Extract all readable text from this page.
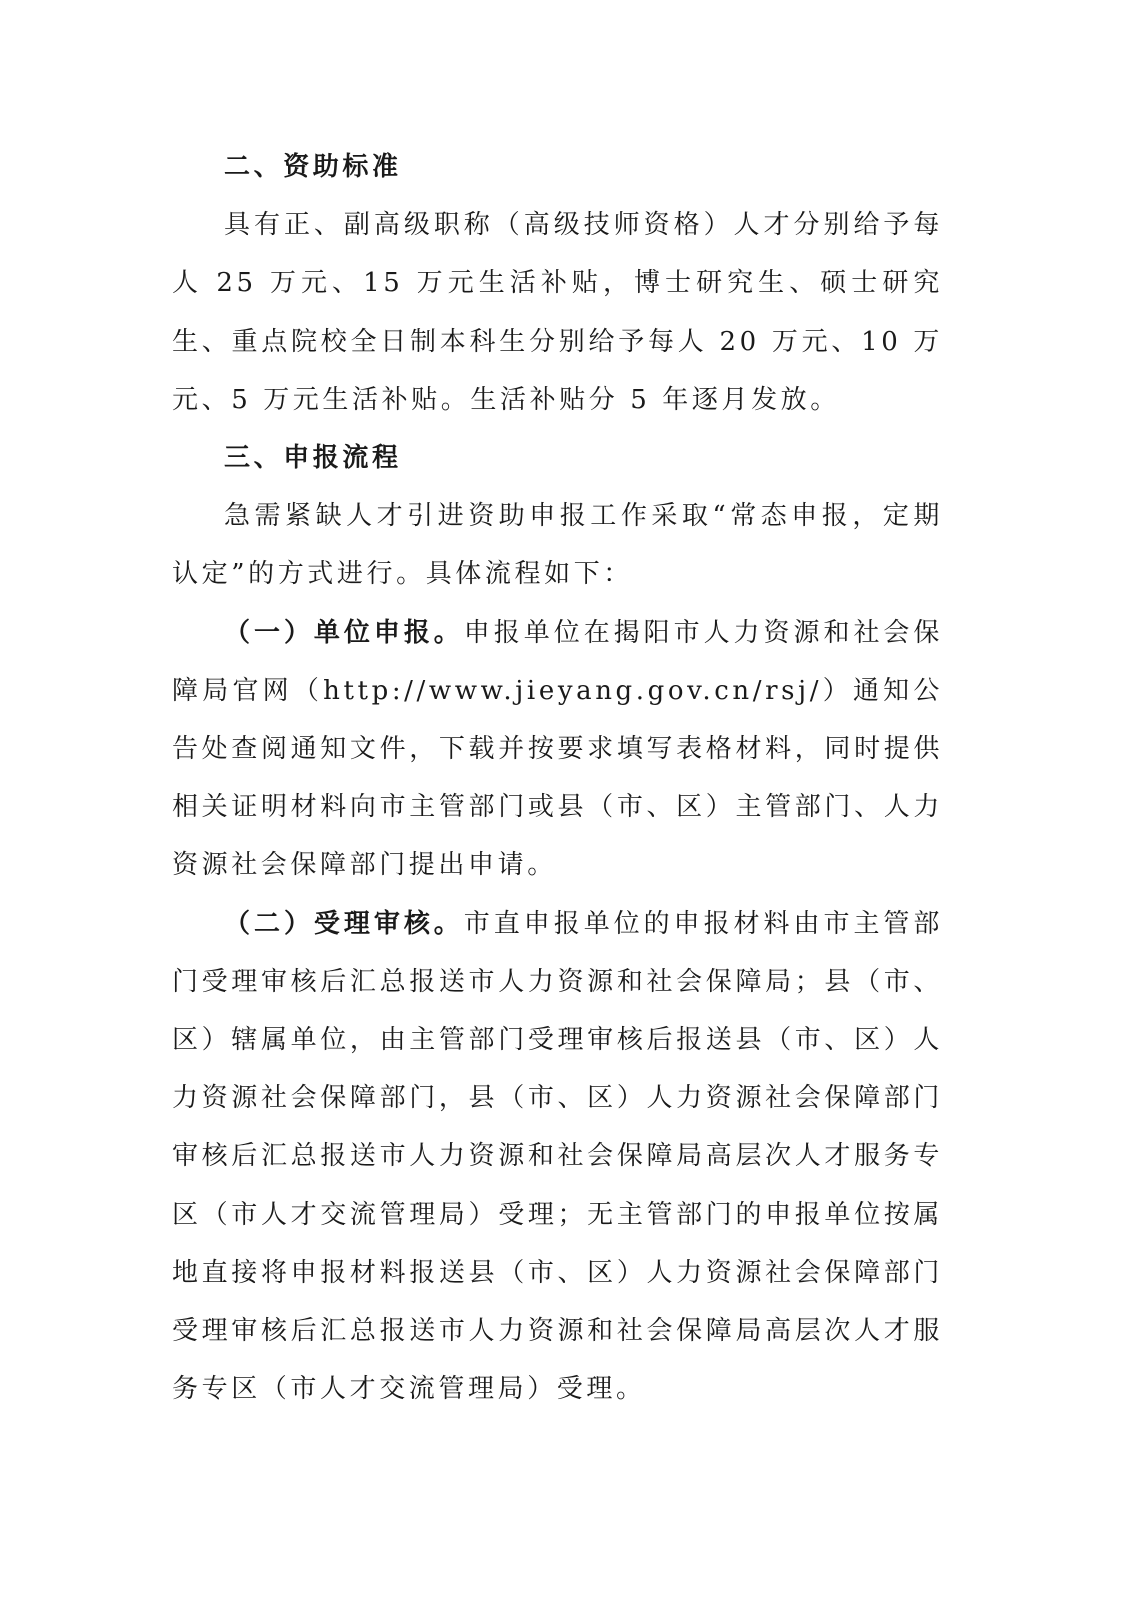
二、资助标准

具有正、副高级职称（高级技师资格）人才分别给予每人 25 万元、15 万元生活补贴，博士研究生、硕士研究生、重点院校全日制本科生分别给予每人 20 万元、10 万元、5 万元生活补贴。生活补贴分 5 年逐月发放。

三、申报流程

急需紧缺人才引进资助申报工作采取“常态申报，定期认定”的方式进行。具体流程如下：

（一）单位申报。申报单位在揭阳市人力资源和社会保障局官网（http://www.jieyang.gov.cn/rsj/）通知公告处查阅通知文件，下载并按要求填写表格材料，同时提供相关证明材料向市主管部门或县（市、区）主管部门、人力资源社会保障部门提出申请。

（二）受理审核。市直申报单位的申报材料由市主管部门受理审核后汇总报送市人力资源和社会保障局；县（市、区）辖属单位，由主管部门受理审核后报送县（市、区）人力资源社会保障部门，县（市、区）人力资源社会保障部门审核后汇总报送市人力资源和社会保障局高层次人才服务专区（市人才交流管理局）受理；无主管部门的申报单位按属地直接将申报材料报送县（市、区）人力资源社会保障部门受理审核后汇总报送市人力资源和社会保障局高层次人才服务专区（市人才交流管理局）受理。
